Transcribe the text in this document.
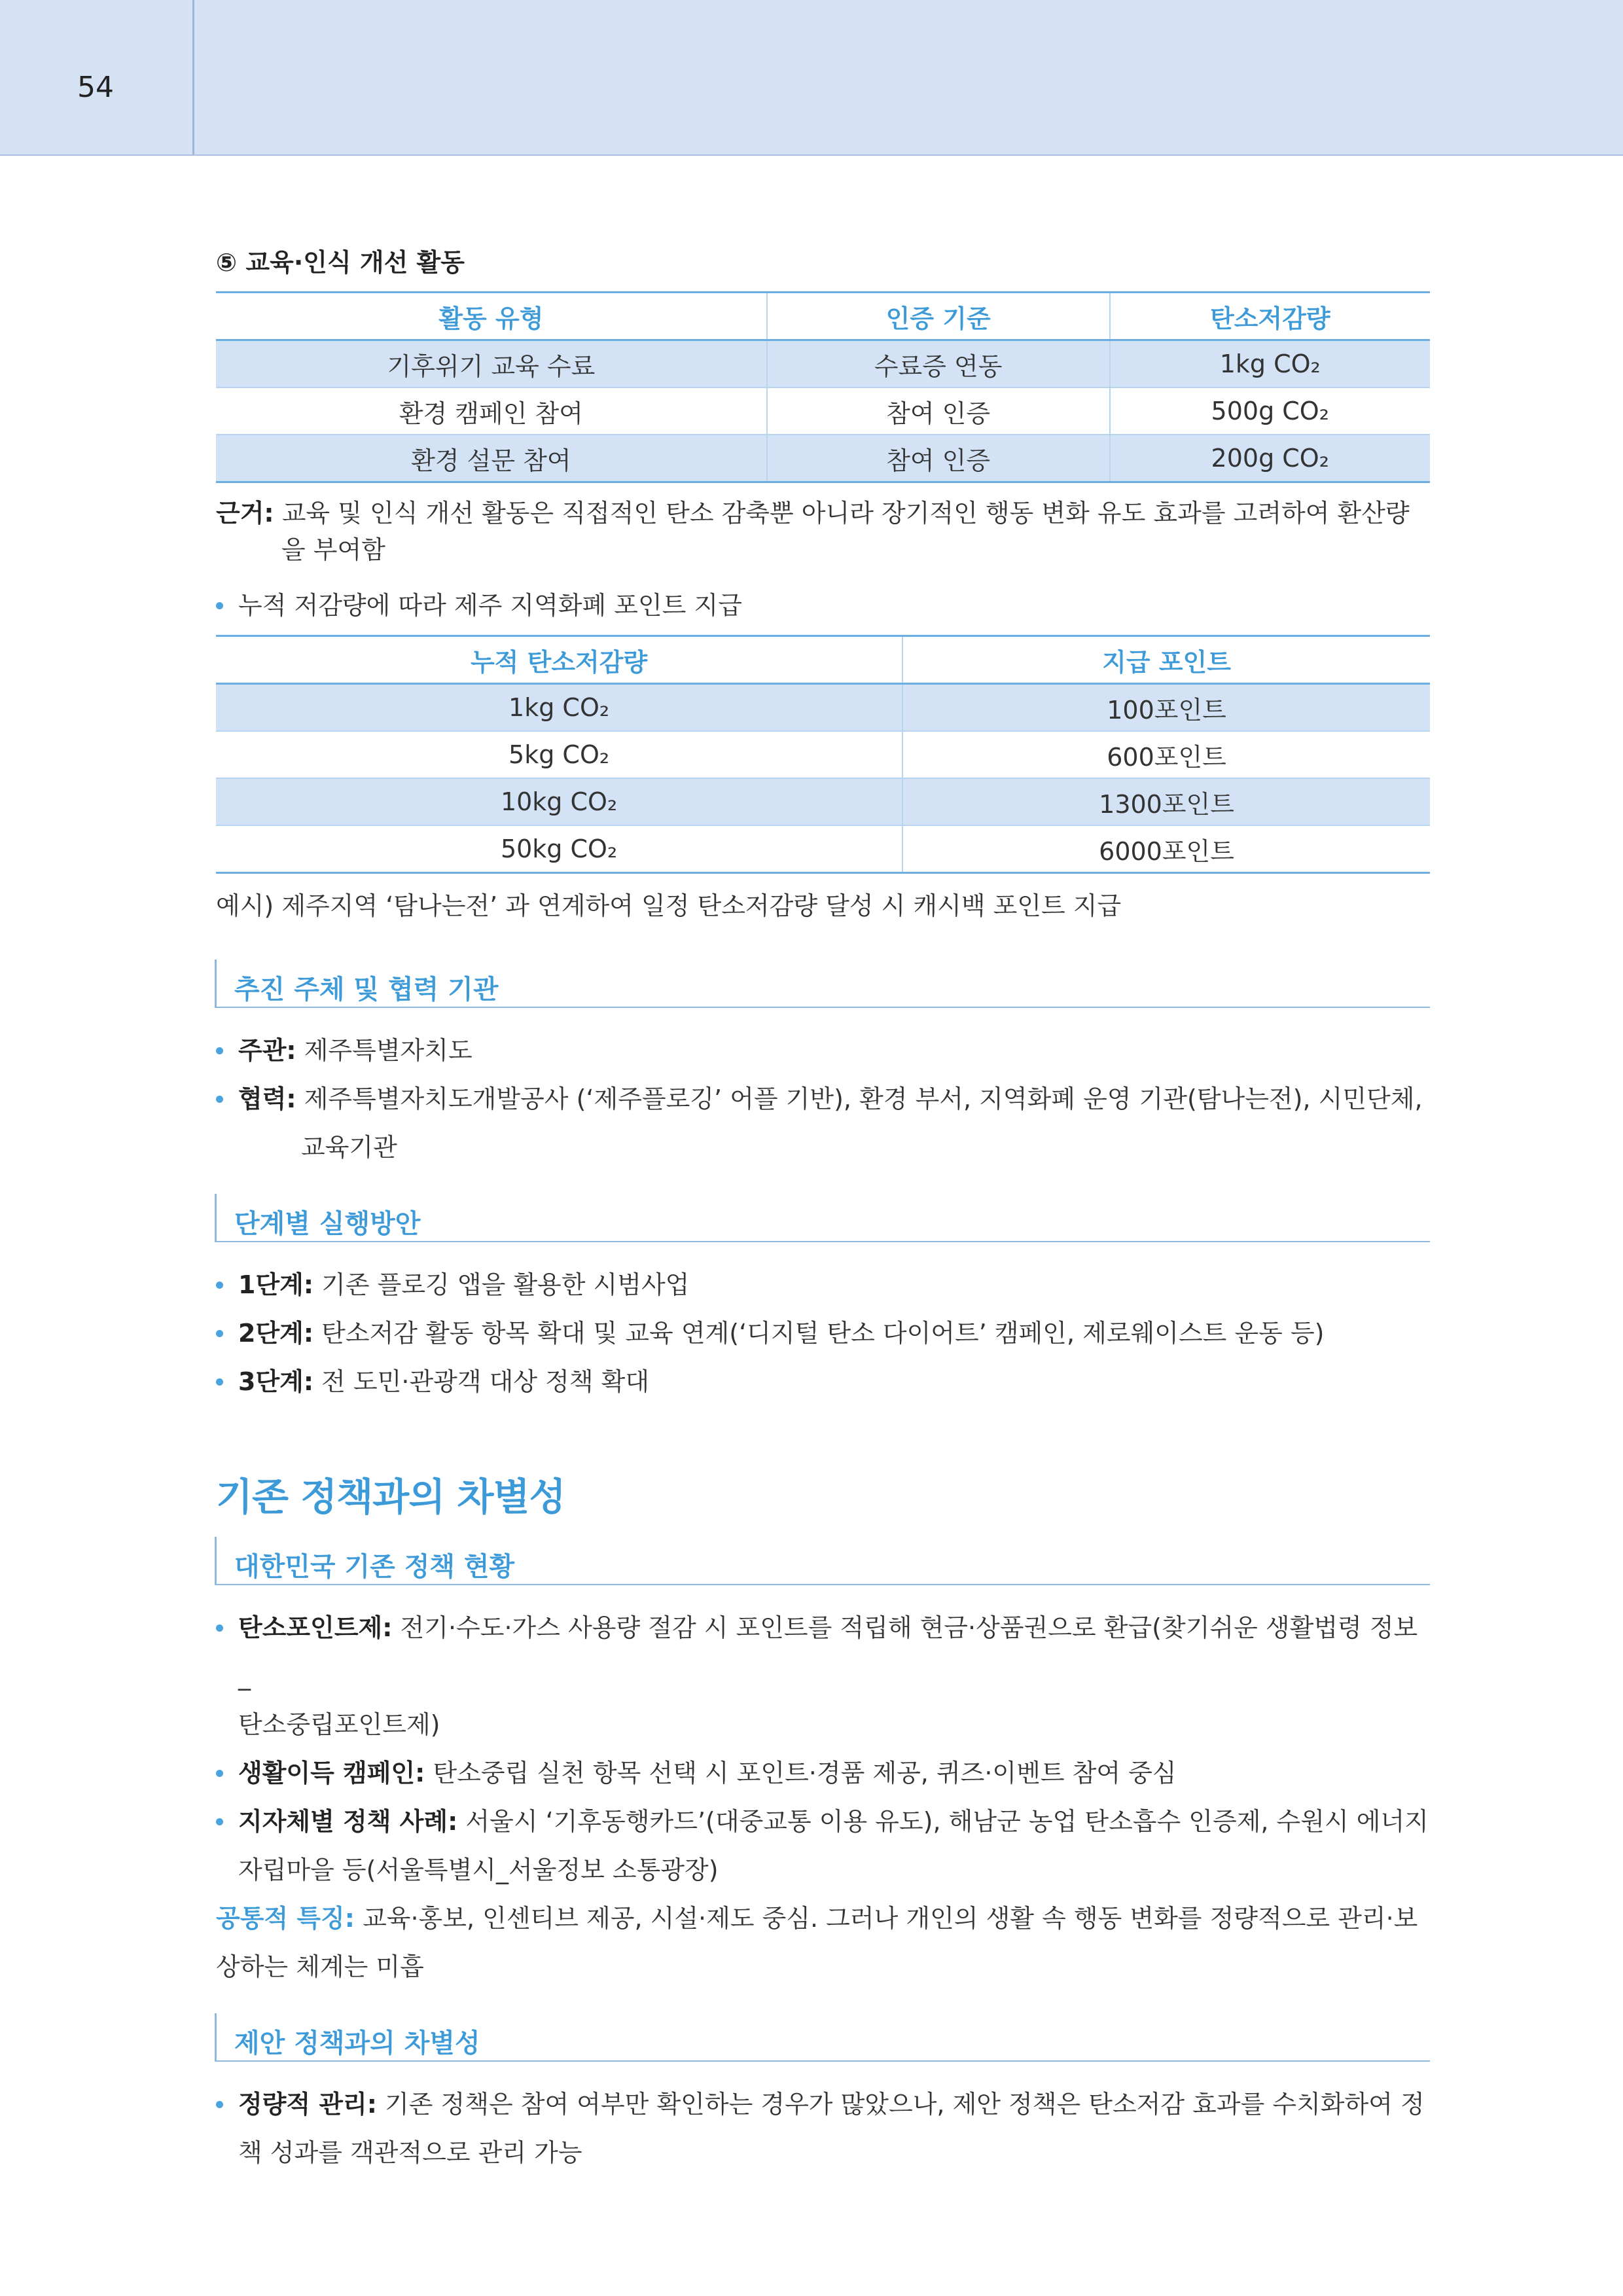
54
⑤ 교육·인식 개선 활동
활동 유형	인증 기준	탄소저감량
기후위기 교육 수료	수료증 연동	1kg CO₂
환경 캠페인 참여	참여 인증	500g CO₂
환경 설문 참여	참여 인증	200g CO₂
근거: 교육 및 인식 개선 활동은 직접적인 탄소 감축뿐 아니라 장기적인 행동 변화 유도 효과를 고려하여 환산량을 부여함
누적 저감량에 따라 제주 지역화폐 포인트 지급
누적 탄소저감량	지급 포인트
1kg CO₂	100포인트
5kg CO₂	600포인트
10kg CO₂	1300포인트
50kg CO₂	6000포인트
예시) 제주지역 ‘탐나는전’ 과 연계하여 일정 탄소저감량 달성 시 캐시백 포인트 지급
추진 주체 및 협력 기관
주관: 제주특별자치도
협력: 제주특별자치도개발공사 (‘제주플로깅’ 어플 기반), 환경 부서, 지역화폐 운영 기관(탐나는전), 시민단체,
교육기관
단계별 실행방안
1단계: 기존 플로깅 앱을 활용한 시범사업
2단계: 탄소저감 활동 항목 확대 및 교육 연계(‘디지털 탄소 다이어트’ 캠페인, 제로웨이스트 운동 등)
3단계: 전 도민·관광객 대상 정책 확대
기존 정책과의 차별성
대한민국 기존 정책 현황
탄소포인트제: 전기·수도·가스 사용량 절감 시 포인트를 적립해 현금·상품권으로 환급(찾기쉬운 생활법령 정보_
탄소중립포인트제)
생활이득 캠페인: 탄소중립 실천 항목 선택 시 포인트·경품 제공, 퀴즈·이벤트 참여 중심
지자체별 정책 사례: 서울시 ‘기후동행카드’(대중교통 이용 유도), 해남군 농업 탄소흡수 인증제, 수원시 에너지
자립마을 등(서울특별시_서울정보 소통광장)
공통적 특징: 교육·홍보, 인센티브 제공, 시설·제도 중심. 그러나 개인의 생활 속 행동 변화를 정량적으로 관리·보
상하는 체계는 미흡
제안 정책과의 차별성
정량적 관리: 기존 정책은 참여 여부만 확인하는 경우가 많았으나, 제안 정책은 탄소저감 효과를 수치화하여 정
책 성과를 객관적으로 관리 가능
